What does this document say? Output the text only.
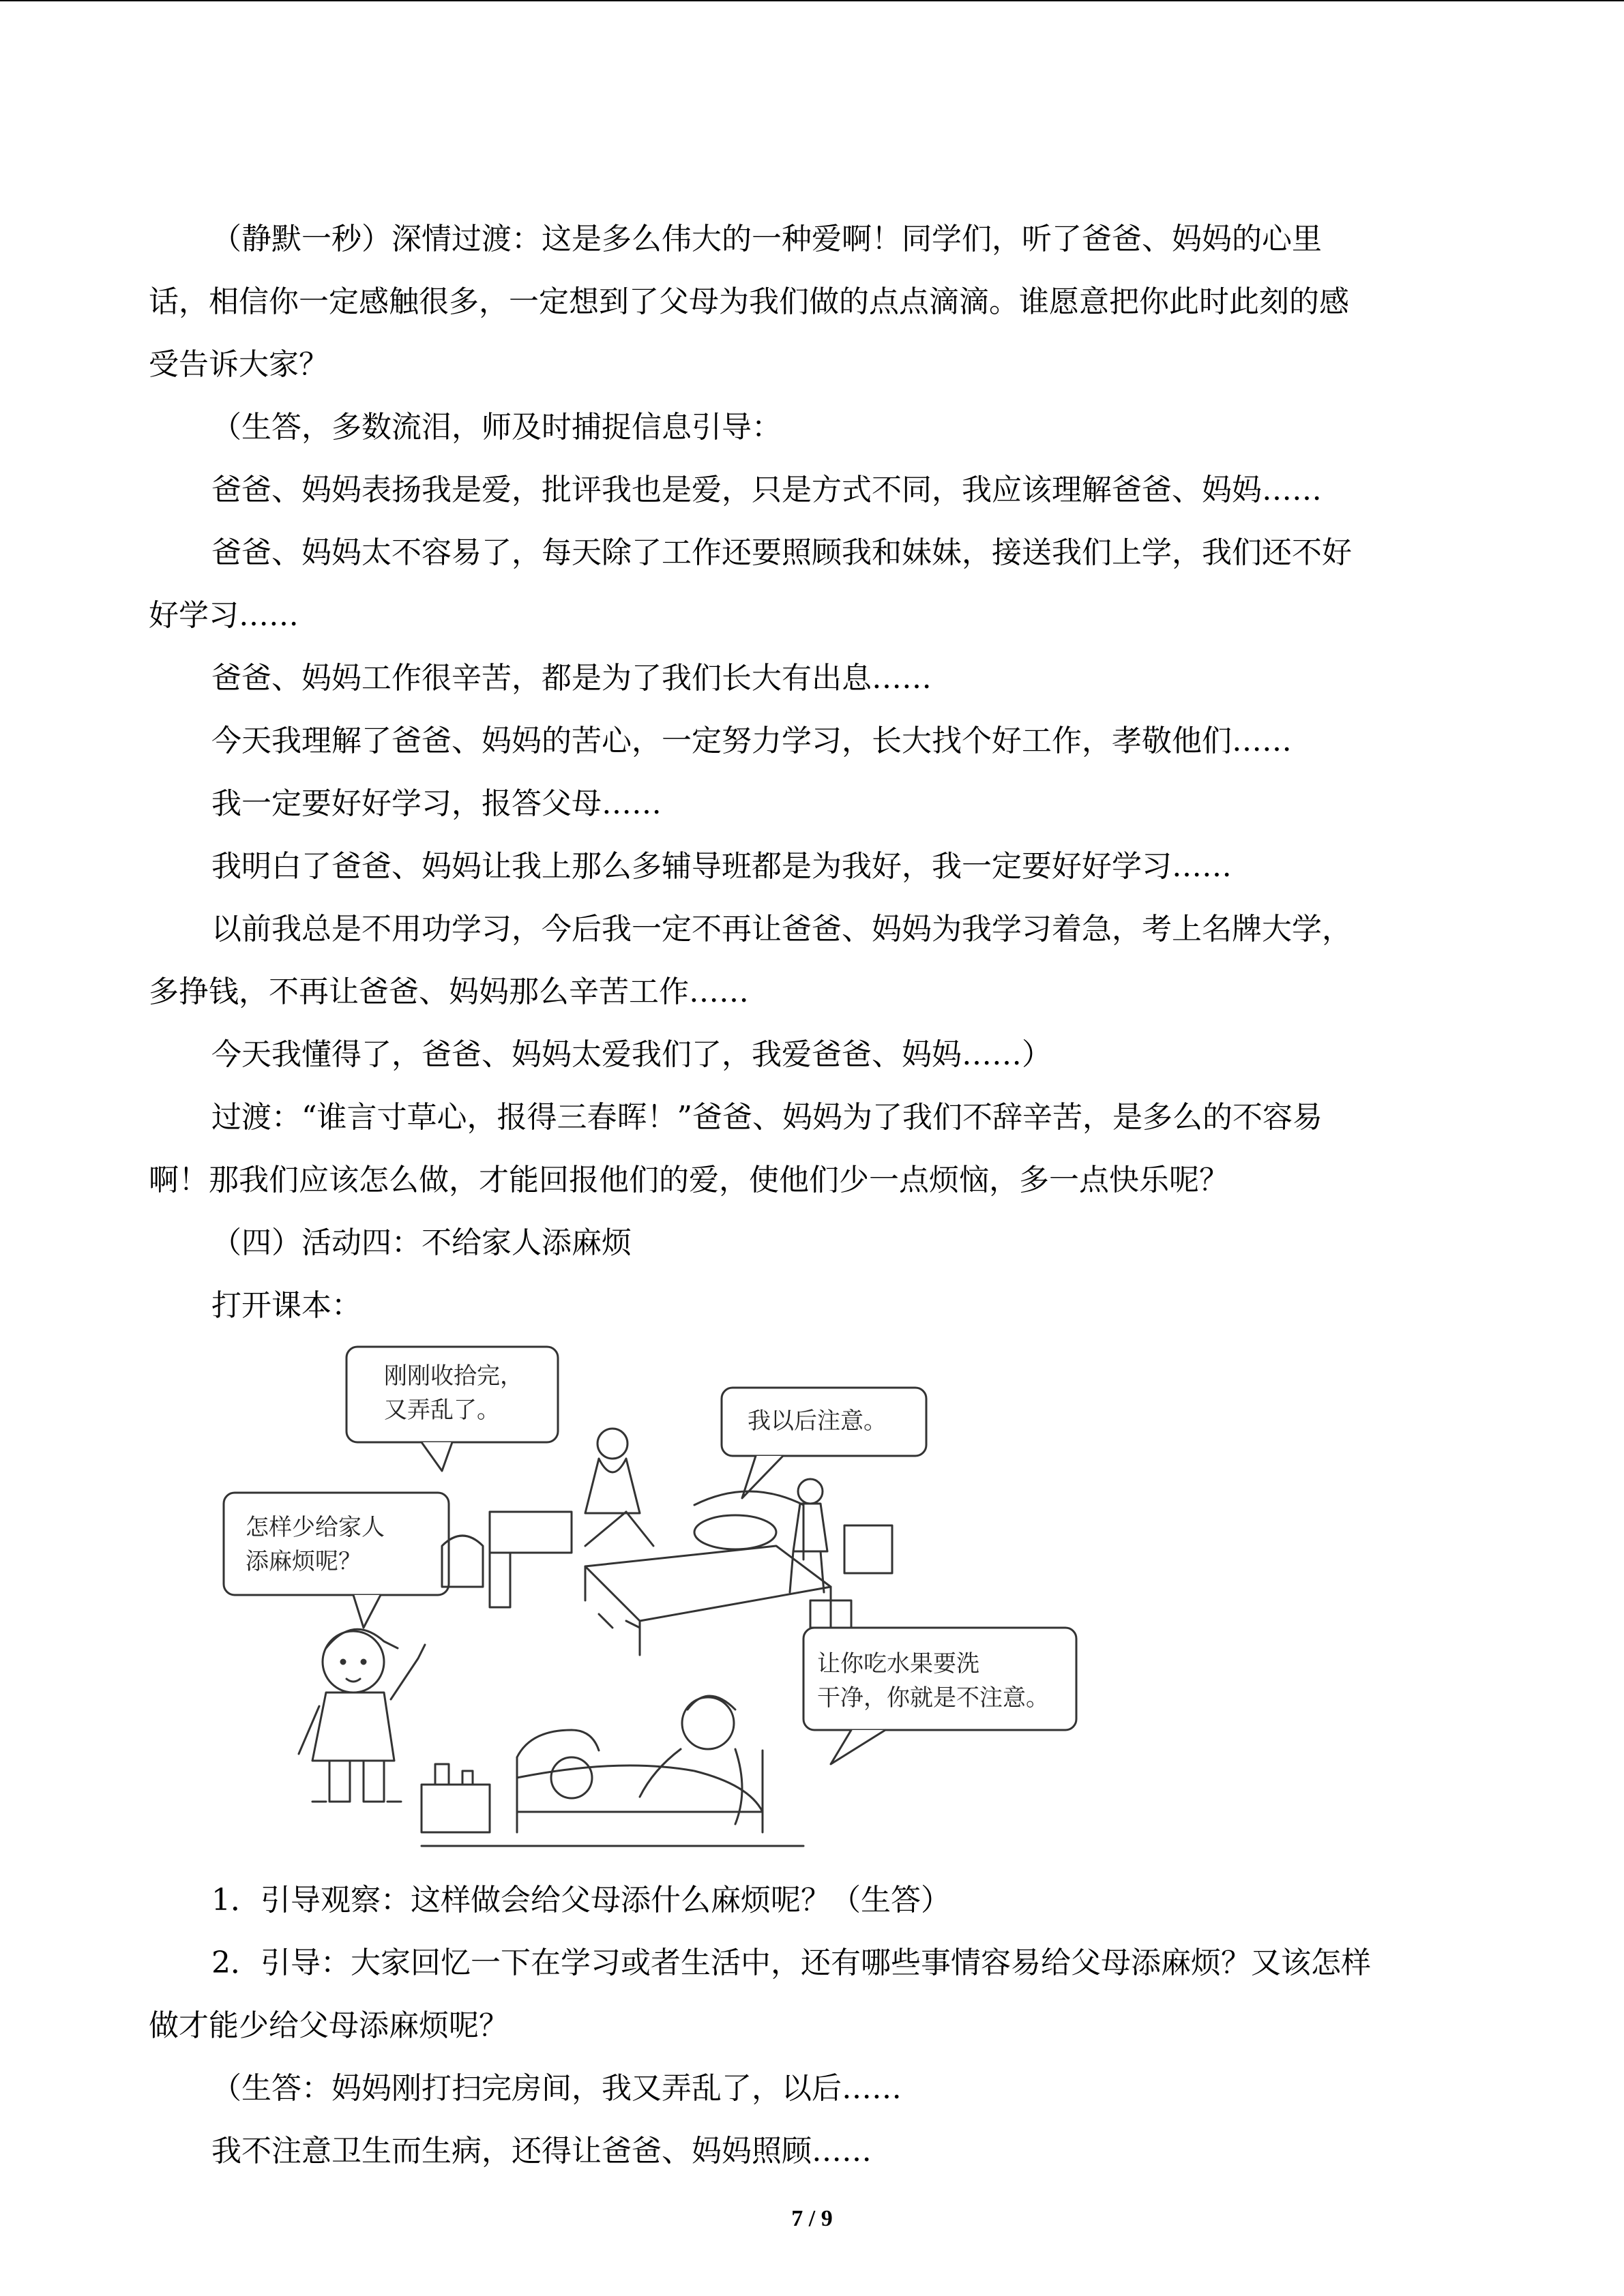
（静默一秒）深情过渡：这是多么伟大的一种爱啊！同学们，听了爸爸、妈妈的心里

话，相信你一定感触很多，一定想到了父母为我们做的点点滴滴。谁愿意把你此时此刻的感

受告诉大家？

（生答，多数流泪，师及时捕捉信息引导：

爸爸、妈妈表扬我是爱，批评我也是爱，只是方式不同，我应该理解爸爸、妈妈……

爸爸、妈妈太不容易了，每天除了工作还要照顾我和妹妹，接送我们上学，我们还不好

好学习……

爸爸、妈妈工作很辛苦，都是为了我们长大有出息……

今天我理解了爸爸、妈妈的苦心，一定努力学习，长大找个好工作，孝敬他们……

我一定要好好学习，报答父母……

我明白了爸爸、妈妈让我上那么多辅导班都是为我好，我一定要好好学习……

以前我总是不用功学习，今后我一定不再让爸爸、妈妈为我学习着急，考上名牌大学，

多挣钱，不再让爸爸、妈妈那么辛苦工作……

今天我懂得了，爸爸、妈妈太爱我们了，我爱爸爸、妈妈……）

过渡：“谁言寸草心，报得三春晖！”爸爸、妈妈为了我们不辞辛苦，是多么的不容易

啊！那我们应该怎么做，才能回报他们的爱，使他们少一点烦恼，多一点快乐呢？

（四）活动四：不给家人添麻烦

打开课本：

刚刚收拾完，
又弄乱了。	我以后注意。
怎样少给家人
添麻烦呢？
让你吃水果要洗
干净，你就是不注意。

1．引导观察：这样做会给父母添什么麻烦呢？（生答）

2．引导：大家回忆一下在学习或者生活中，还有哪些事情容易给父母添麻烦？又该怎样

做才能少给父母添麻烦呢？

（生答：妈妈刚打扫完房间，我又弄乱了，以后……

我不注意卫生而生病，还得让爸爸、妈妈照顾……

7 / 9
